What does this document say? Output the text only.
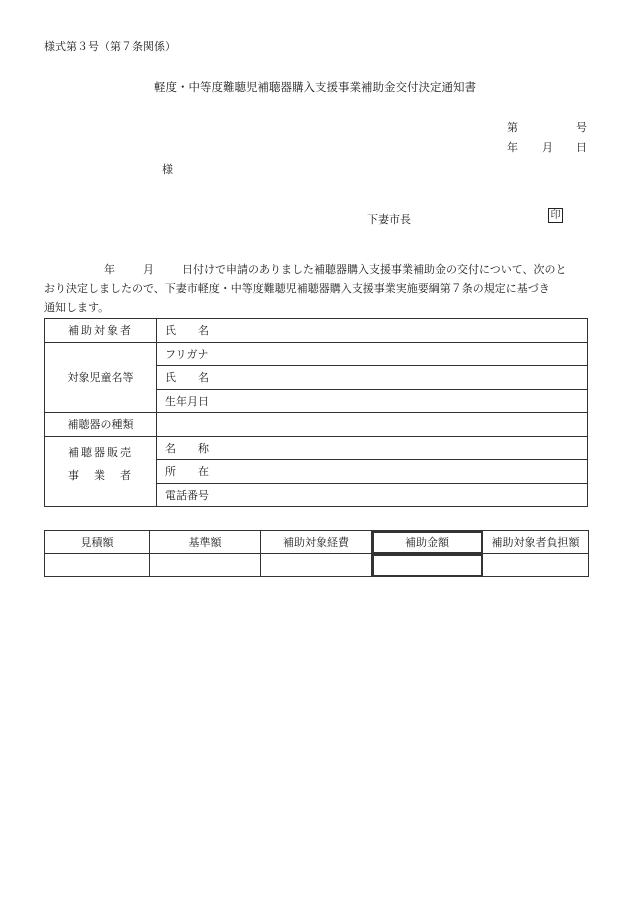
様式第３号（第７条関係）
軽度・中等度難聴児補聴器購入支援事業補助金交付決定通知書
第	号
年 月 日
様
下妻市長	印
年	月	日付けで申請のありました補聴器購入支援事業補助金の交付について、次のと
おり決定しましたので、下妻市軽度・中等度難聴児補聴器購入支援事業実施要綱第７条の規定に基づき
通知します。
補助対象者	氏　　名
対象児童名等	フリガナ
	氏　　名
	生年月日
補聴器の種類	

補聴器販売
事　業　者	名　　称
	所　　在
	電話番号
見積額	基準額	補助対象経費	補助金額	補助対象者負担額
